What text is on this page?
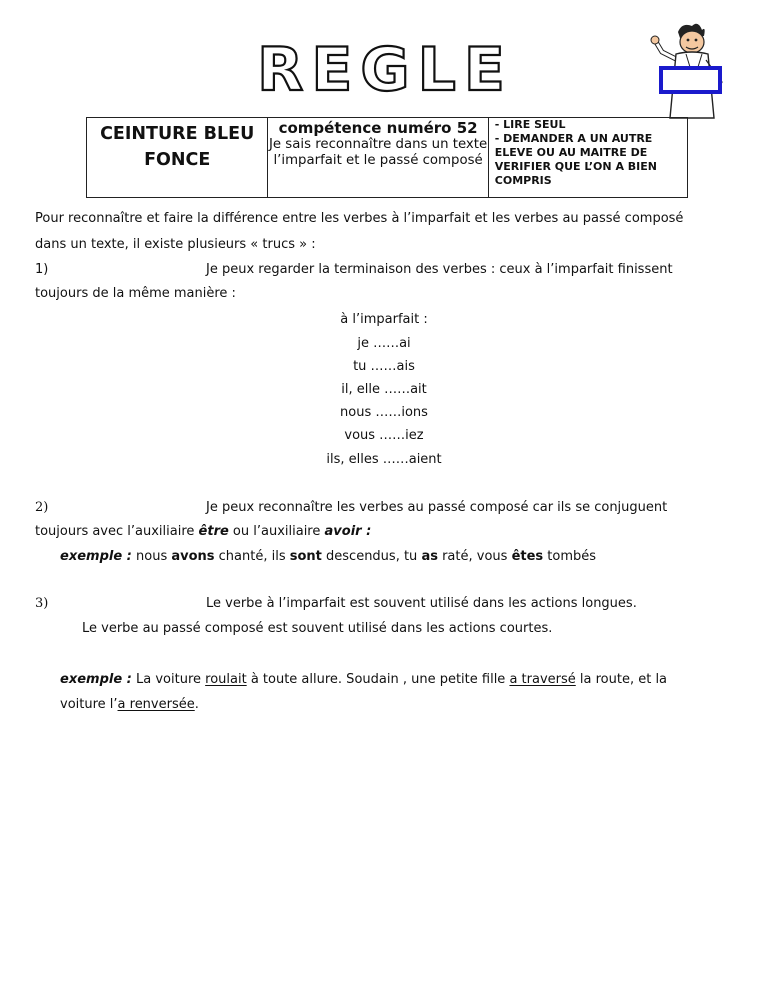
REGLE
CEINTURE BLEU FONCE	
compétence numéro 52
Je sais reconnaître dans un texte l’imparfait et le passé composé

- LIRE SEUL
- DEMANDER A UN AUTRE ELEVE OU AU MAITRE DE VERIFIER QUE L’ON A BIEN COMPRIS
Pour reconnaître et faire la différence entre les verbes à l’imparfait et les verbes au passé composé
dans un texte, il existe plusieurs « trucs » :
1)	Je peux regarder la terminaison des verbes : ceux à l’imparfait finissent
toujours de la même manière :
à l’imparfait :
je ……ai
tu ……ais
il, elle ……ait
nous ……ions
vous ……iez
ils, elles ……aient
2)	Je peux reconnaître les verbes au passé composé car ils se conjuguent
toujours avec l’auxiliaire être ou l’auxiliaire avoir :
exemple : nous avons chanté, ils sont descendus, tu as raté, vous êtes tombés
3)	Le verbe à l’imparfait est souvent utilisé dans les actions longues.
Le verbe au passé composé est souvent utilisé dans les actions courtes.
exemple : La voiture roulait à toute allure. Soudain , une petite fille a traversé la route, et la
voiture l’a renversée.
